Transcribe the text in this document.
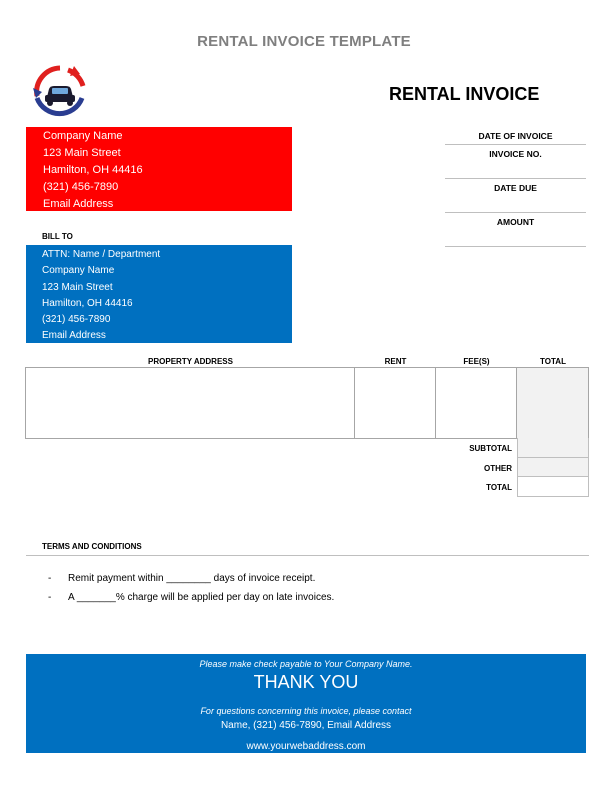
RENTAL INVOICE TEMPLATE
RENTAL INVOICE
Company Name
123 Main Street
Hamilton, OH 44416
(321) 456-7890
Email Address
DATE OF INVOICE
INVOICE NO.
DATE DUE
AMOUNT
BILL TO
ATTN: Name / Department
Company Name
123 Main Street
Hamilton, OH 44416
(321) 456-7890
Email Address
PROPERTY ADDRESS	RENT	FEE(S)	TOTAL
SUBTOTAL
OTHER
TOTAL
TERMS AND CONDITIONS
-	Remit payment within ________ days of invoice receipt.
-	A _______% charge will be applied per day on late invoices.
Please make check payable to Your Company Name.
THANK YOU
For questions concerning this invoice, please contact
Name, (321) 456-7890, Email Address
www.yourwebaddress.com
